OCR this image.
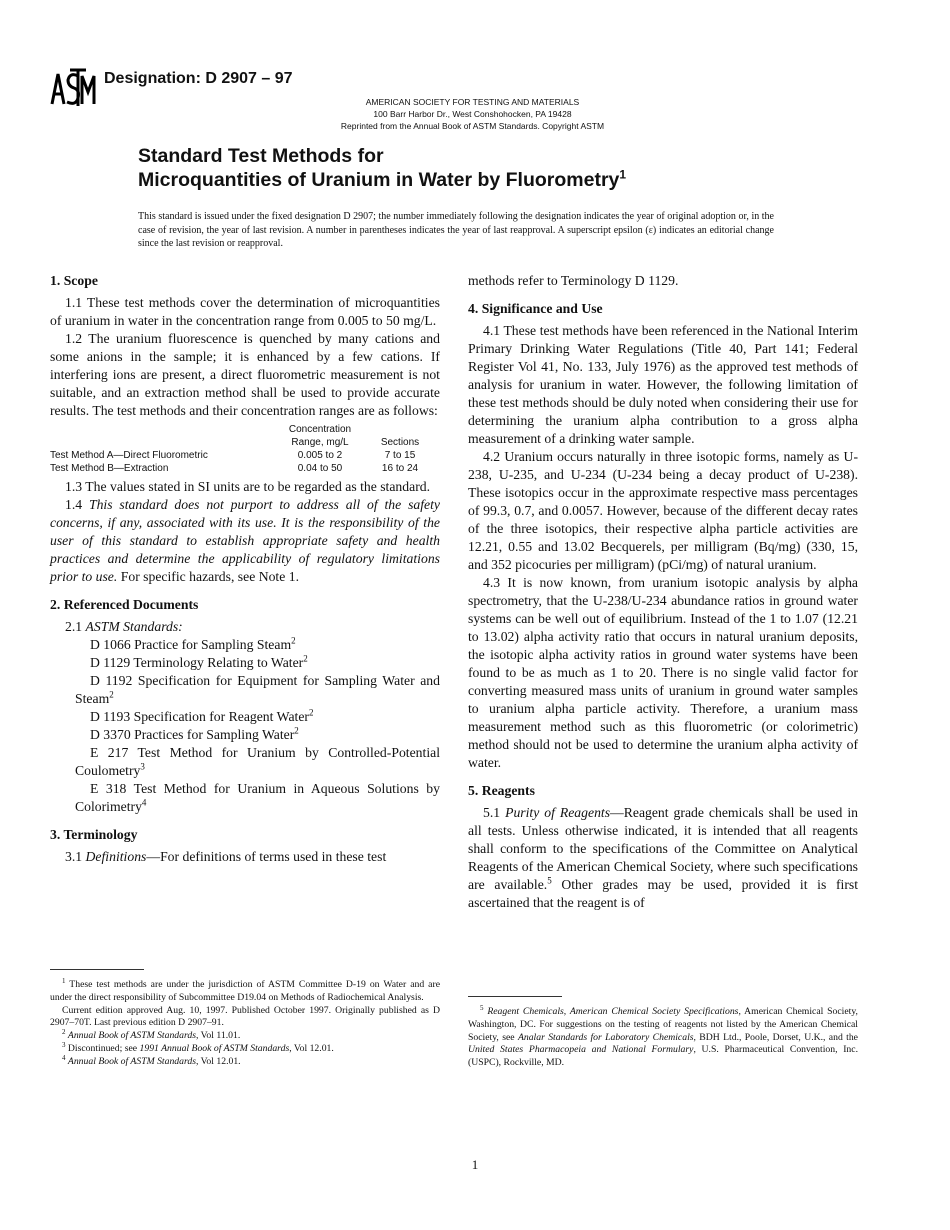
Designation: D 2907 – 97
AMERICAN SOCIETY FOR TESTING AND MATERIALS
100 Barr Harbor Dr., West Conshohocken, PA 19428
Reprinted from the Annual Book of ASTM Standards. Copyright ASTM
Standard Test Methods for
Microquantities of Uranium in Water by Fluorometry$^1$
This standard is issued under the fixed designation D 2907; the number immediately following the designation indicates the year of original adoption or, in the case of revision, the year of last revision. A number in parentheses indicates the year of last reapproval. A superscript epsilon (ε) indicates an editorial change since the last revision or reapproval.
1. Scope

1.1 These test methods cover the determination of microquantities of uranium in water in the concentration range from 0.005 to 50 mg/L.

1.2 The uranium fluorescence is quenched by many cations and some anions in the sample; it is enhanced by a few cations. If interfering ions are present, a direct fluorometric measurement is not suitable, and an extraction method shall be used to provide accurate results. The test methods and their concentration ranges are as follows:

	Concentration	
	Range, mg/L	Sections
Test Method A—Direct Fluorometric	0.005 to 2	7 to 15
Test Method B—Extraction	0.04 to 50	16 to 24

1.3 The values stated in SI units are to be regarded as the standard.

1.4 This standard does not purport to address all of the safety concerns, if any, associated with its use. It is the responsibility of the user of this standard to establish appropriate safety and health practices and determine the applicability of regulatory limitations prior to use. For specific hazards, see Note 1.

2. Referenced Documents

2.1 ASTM Standards:

D 1066 Practice for Sampling Steam$^2$

D 1129 Terminology Relating to Water$^2$

D 1192 Specification for Equipment for Sampling Water and Steam$^2$

D 1193 Specification for Reagent Water$^2$

D 3370 Practices for Sampling Water$^2$

E 217 Test Method for Uranium by Controlled-Potential Coulometry$^3$

E 318 Test Method for Uranium in Aqueous Solutions by Colorimetry$^4$

3. Terminology

3.1 Definitions—For definitions of terms used in these test

methods refer to Terminology D 1129.

4. Significance and Use

4.1 These test methods have been referenced in the National Interim Primary Drinking Water Regulations (Title 40, Part 141; Federal Register Vol 41, No. 133, July 1976) as the approved test methods of analysis for uranium in water. However, the following limitation of these test methods should be duly noted when considering their use for determining the uranium alpha contribution to a gross alpha measurement of a drinking water sample.

4.2 Uranium occurs naturally in three isotopic forms, namely as U-238, U-235, and U-234 (U-234 being a decay product of U-238). These isotopics occur in the approximate respective mass percentages of 99.3, 0.7, and 0.0057. However, because of the different decay rates of the three isotopics, their respective alpha particle activities are 12.21, 0.55 and 13.02 Becquerels, per milligram (Bq/mg) (330, 15, and 352 picocuries per milligram) (pCi/mg) of natural uranium.

4.3 It is now known, from uranium isotopic analysis by alpha spectrometry, that the U-238/U-234 abundance ratios in ground water systems can be well out of equilibrium. Instead of the 1 to 1.07 (12.21 to 13.02) alpha activity ratio that occurs in natural uranium deposits, the isotopic alpha activity ratios in ground water systems have been found to be as much as 1 to 20. There is no single valid factor for converting measured mass units of uranium in ground water samples to uranium alpha particle activity. Therefore, a uranium mass measurement method such as this fluorometric (or colorimetric) method should not be used to determine the uranium alpha activity of water.

5. Reagents

5.1 Purity of Reagents—Reagent grade chemicals shall be used in all tests. Unless otherwise indicated, it is intended that all reagents shall conform to the specifications of the Committee on Analytical Reagents of the American Chemical Society, where such specifications are available.$^5$ Other grades may be used, provided it is first ascertained that the reagent is of

$^1$ These test methods are under the jurisdiction of ASTM Committee D-19 on Water and are under the direct responsibility of Subcommittee D19.04 on Methods of Radiochemical Analysis.

Current edition approved Aug. 10, 1997. Published October 1997. Originally published as D 2907–70T. Last previous edition D 2907–91.

$^2$ Annual Book of ASTM Standards, Vol 11.01.

$^3$ Discontinued; see 1991 Annual Book of ASTM Standards, Vol 12.01.

$^4$ Annual Book of ASTM Standards, Vol 12.01.

$^5$ Reagent Chemicals, American Chemical Society Specifications, American Chemical Society, Washington, DC. For suggestions on the testing of reagents not listed by the American Chemical Society, see Analar Standards for Laboratory Chemicals, BDH Ltd., Poole, Dorset, U.K., and the United States Pharmacopeia and National Formulary, U.S. Pharmaceutical Convention, Inc. (USPC), Rockville, MD.

1
